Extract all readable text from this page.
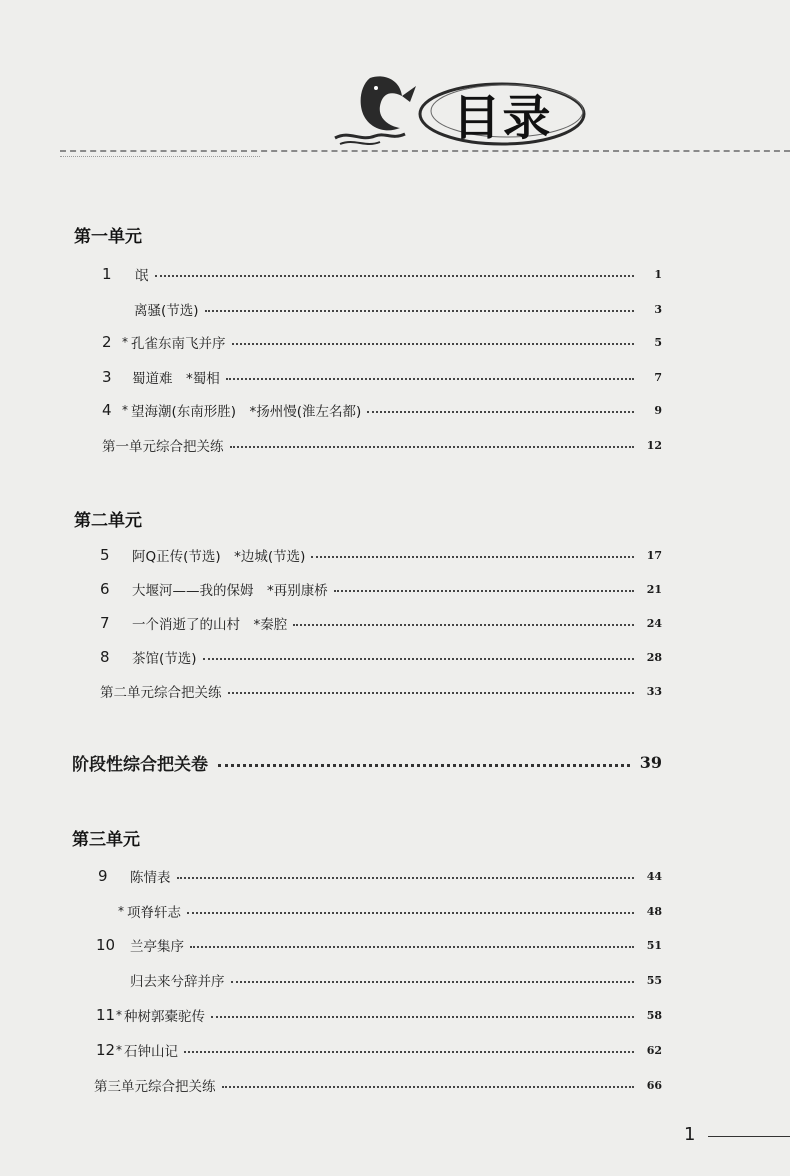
目录
第一单元
1	氓	1
离骚(节选)	3
2 * 孔雀东南飞并序	5
3	蜀道难　*蜀相	7
4 * 望海潮(东南形胜)　*扬州慢(淮左名都)	9
第一单元综合把关练	12
第二单元
5	阿Q正传(节选)　*边城(节选)	17
6	大堰河——我的保姆　*再别康桥	21
7	一个消逝了的山村　*秦腔	24
8	茶馆(节选)	28
第二单元综合把关练	33
阶段性综合把关卷	39
第三单元
9	陈情表	44
* 项脊轩志	48
10	兰亭集序	51
归去来兮辞并序	55
11 * 种树郭橐驼传	58
12 * 石钟山记	62
第三单元综合把关练	66
1
